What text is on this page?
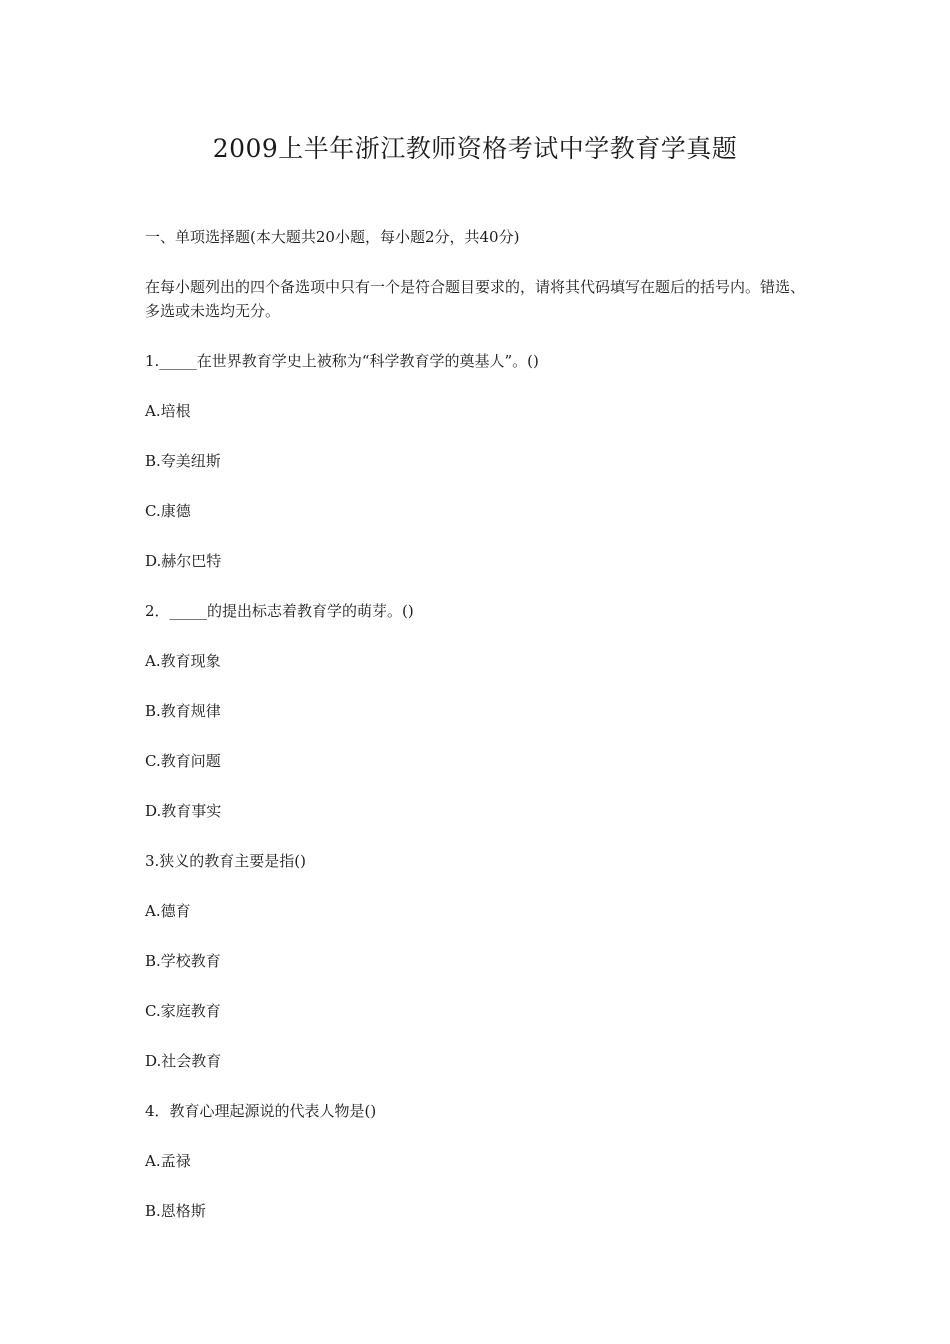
2009上半年浙江教师资格考试中学教育学真题

一、单项选择题(本大题共20小题，每小题2分，共40分)

在每小题列出的四个备选项中只有一个是符合题目要求的，请将其代码填写在题后的括号内。错选、多选或未选均无分。

1._____在世界教育学史上被称为“科学教育学的奠基人”。()

A.培根

B.夸美纽斯

C.康德

D.赫尔巴特

2．_____的提出标志着教育学的萌芽。()

A.教育现象

B.教育规律

C.教育问题

D.教育事实

3.狭义的教育主要是指()

A.德育

B.学校教育

C.家庭教育

D.社会教育

4．教育心理起源说的代表人物是()

A.孟禄

B.恩格斯
